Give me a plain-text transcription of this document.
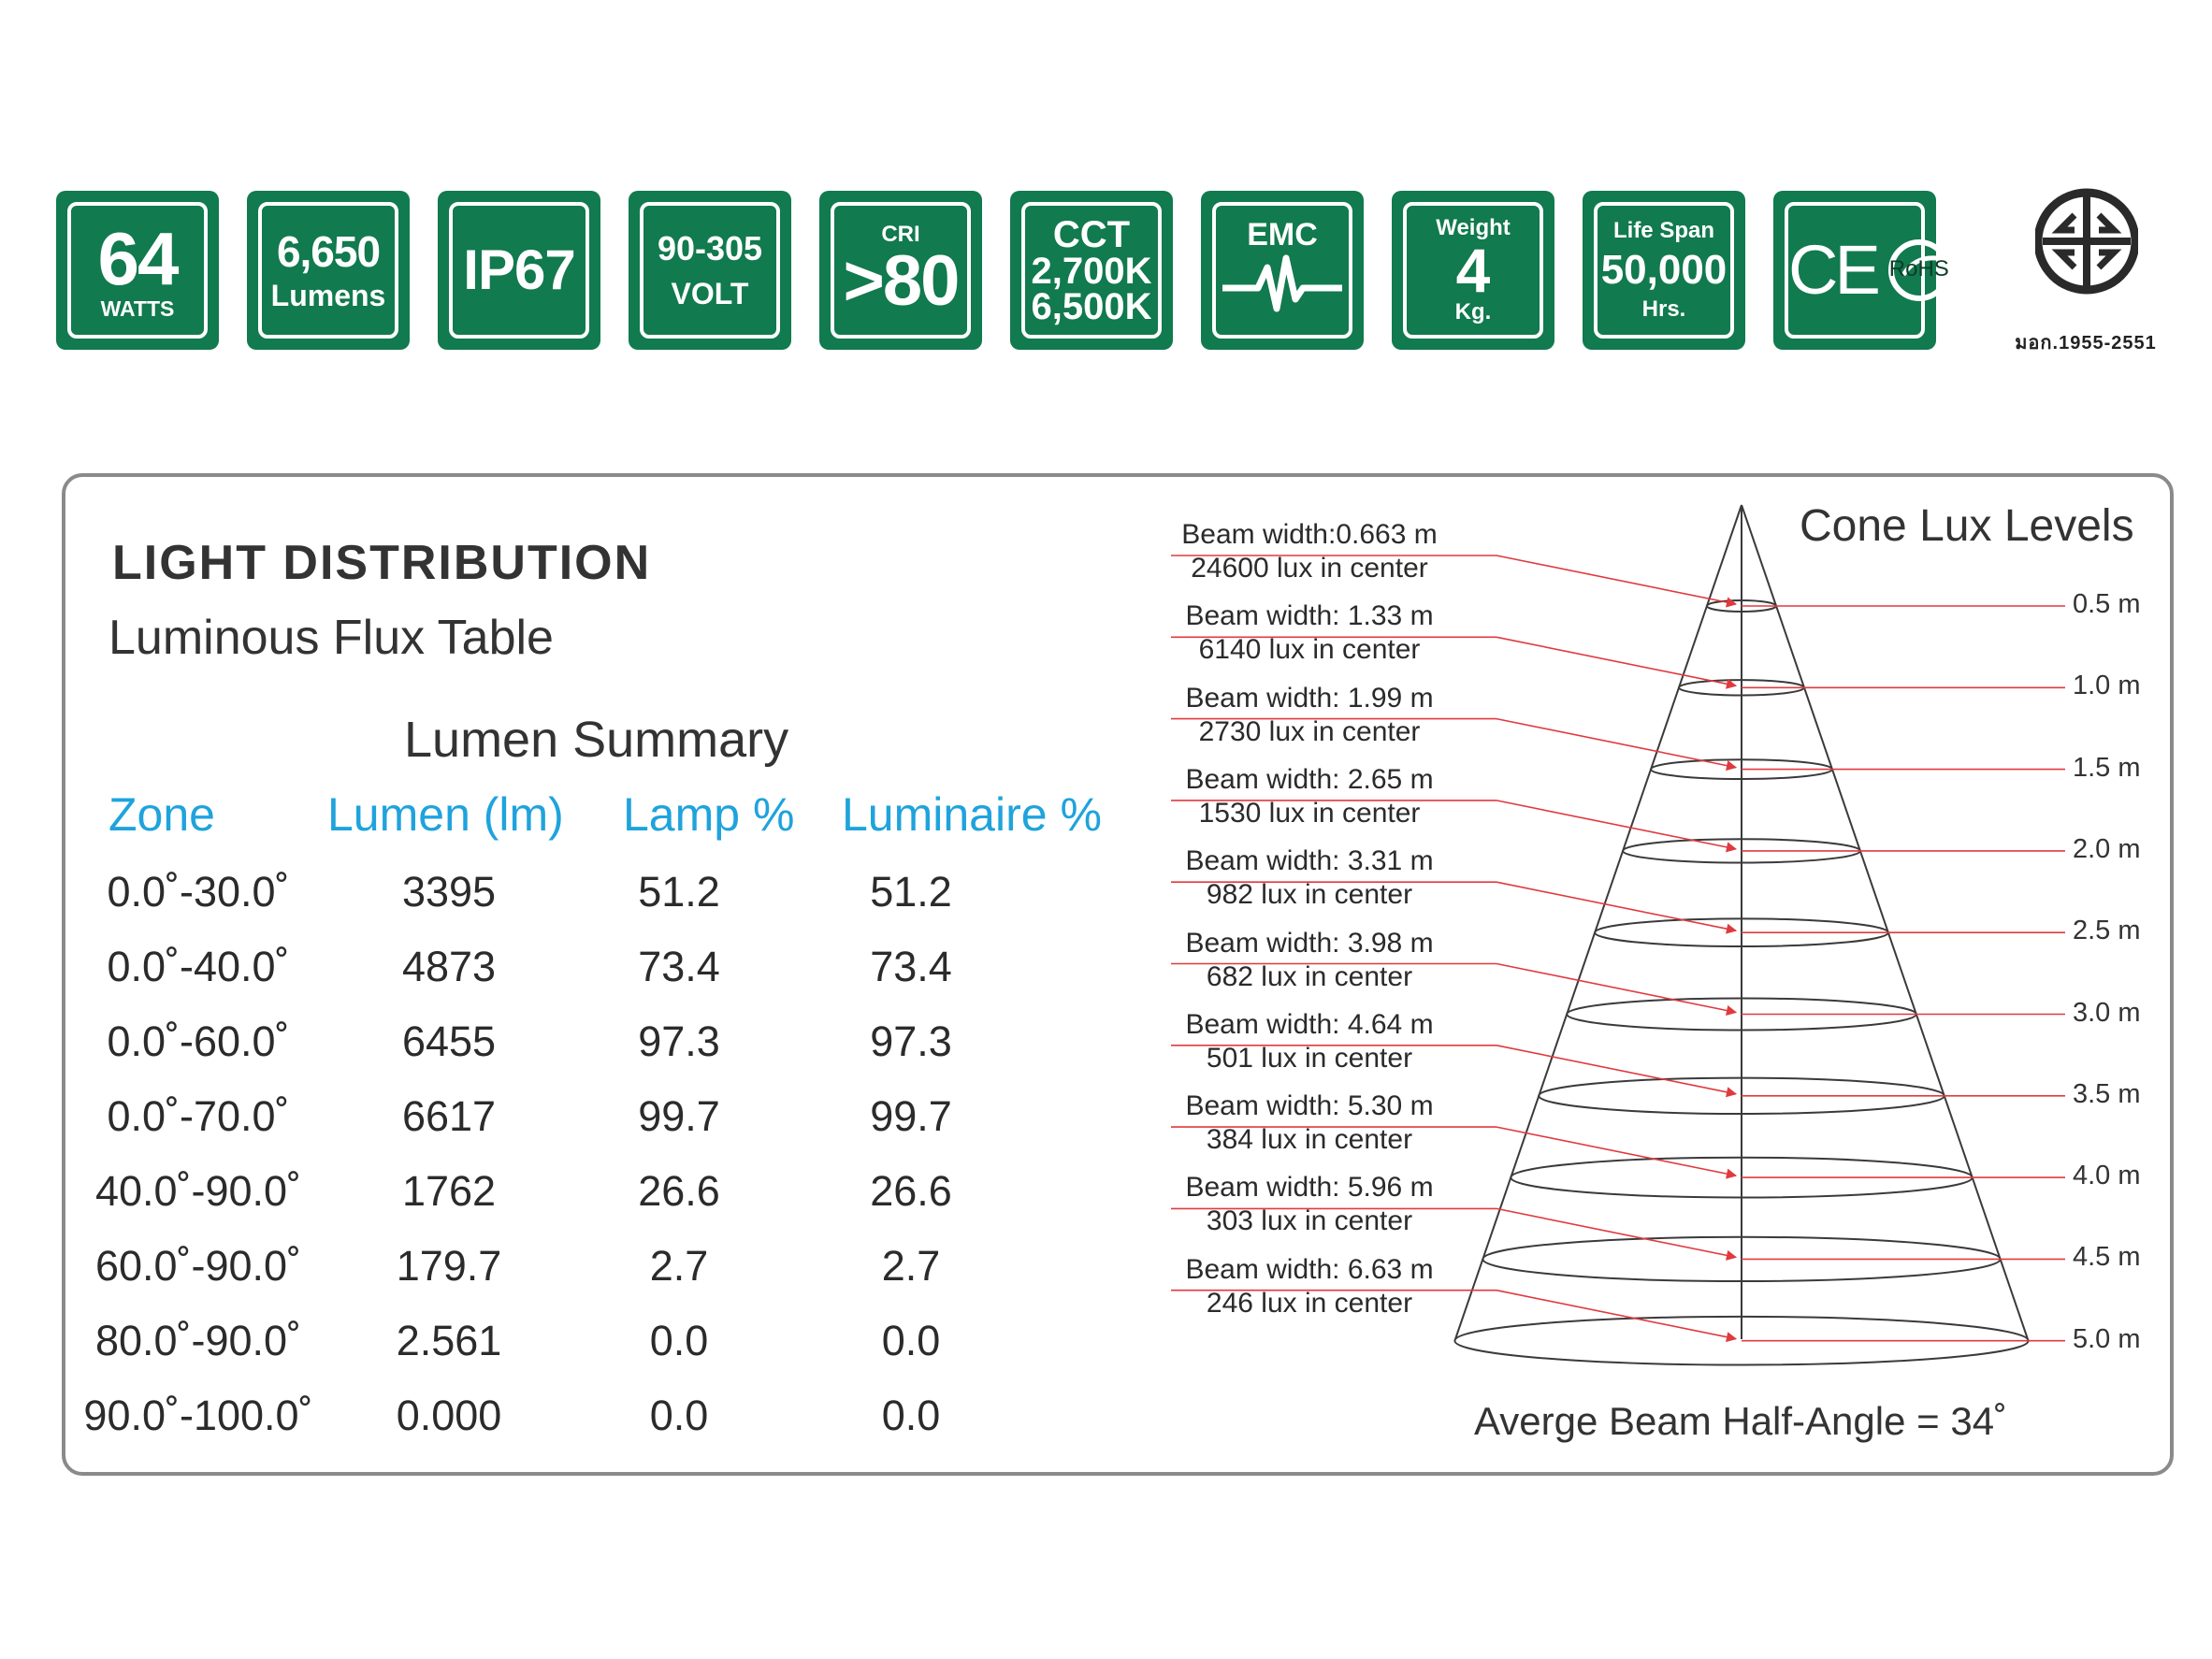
64
WATTS
6,650
Lumens IP67 90-305
VOLT
CRI
>80
CCT
2,700K
6,500K
EMC	Weight
4
Kg.
Life Span
50,000
Hrs.
CE RoHS
มอก.1955-2551
LIGHT DISTRIBUTION
Luminous Flux Table
Lumen Summary
Zone Lumen (lm) Lamp % Luminaire %
0.0˚-30.0˚	3395	51.2	51.2
0.0˚-40.0˚	4873	73.4	73.4
0.0˚-60.0˚	6455	97.3	97.3
0.0˚-70.0˚	6617	99.7	99.7
40.0˚-90.0˚	1762	26.6	26.6
60.0˚-90.0˚	179.7	2.7	2.7
80.0˚-90.0˚	2.561	0.0	0.0
90.0˚-100.0˚	0.000	0.0	0.0
Cone Lux Levels
Beam width:0.663 m
24600 lux in center
0.5 m
Beam width: 1.33 m
6140 lux in center
1.0 m
Beam width: 1.99 m
2730 lux in center
1.5 m
Beam width: 2.65 m
1530 lux in center
2.0 m
Beam width: 3.31 m
982 lux in center
2.5 m
Beam width: 3.98 m
682 lux in center
3.0 m
Beam width: 4.64 m
501 lux in center
3.5 m
Beam width: 5.30 m
384 lux in center
4.0 m
Beam width: 5.96 m
303 lux in center
4.5 m
Beam width: 6.63 m
246 lux in center
5.0 m
Averge Beam Half-Angle = 34˚
